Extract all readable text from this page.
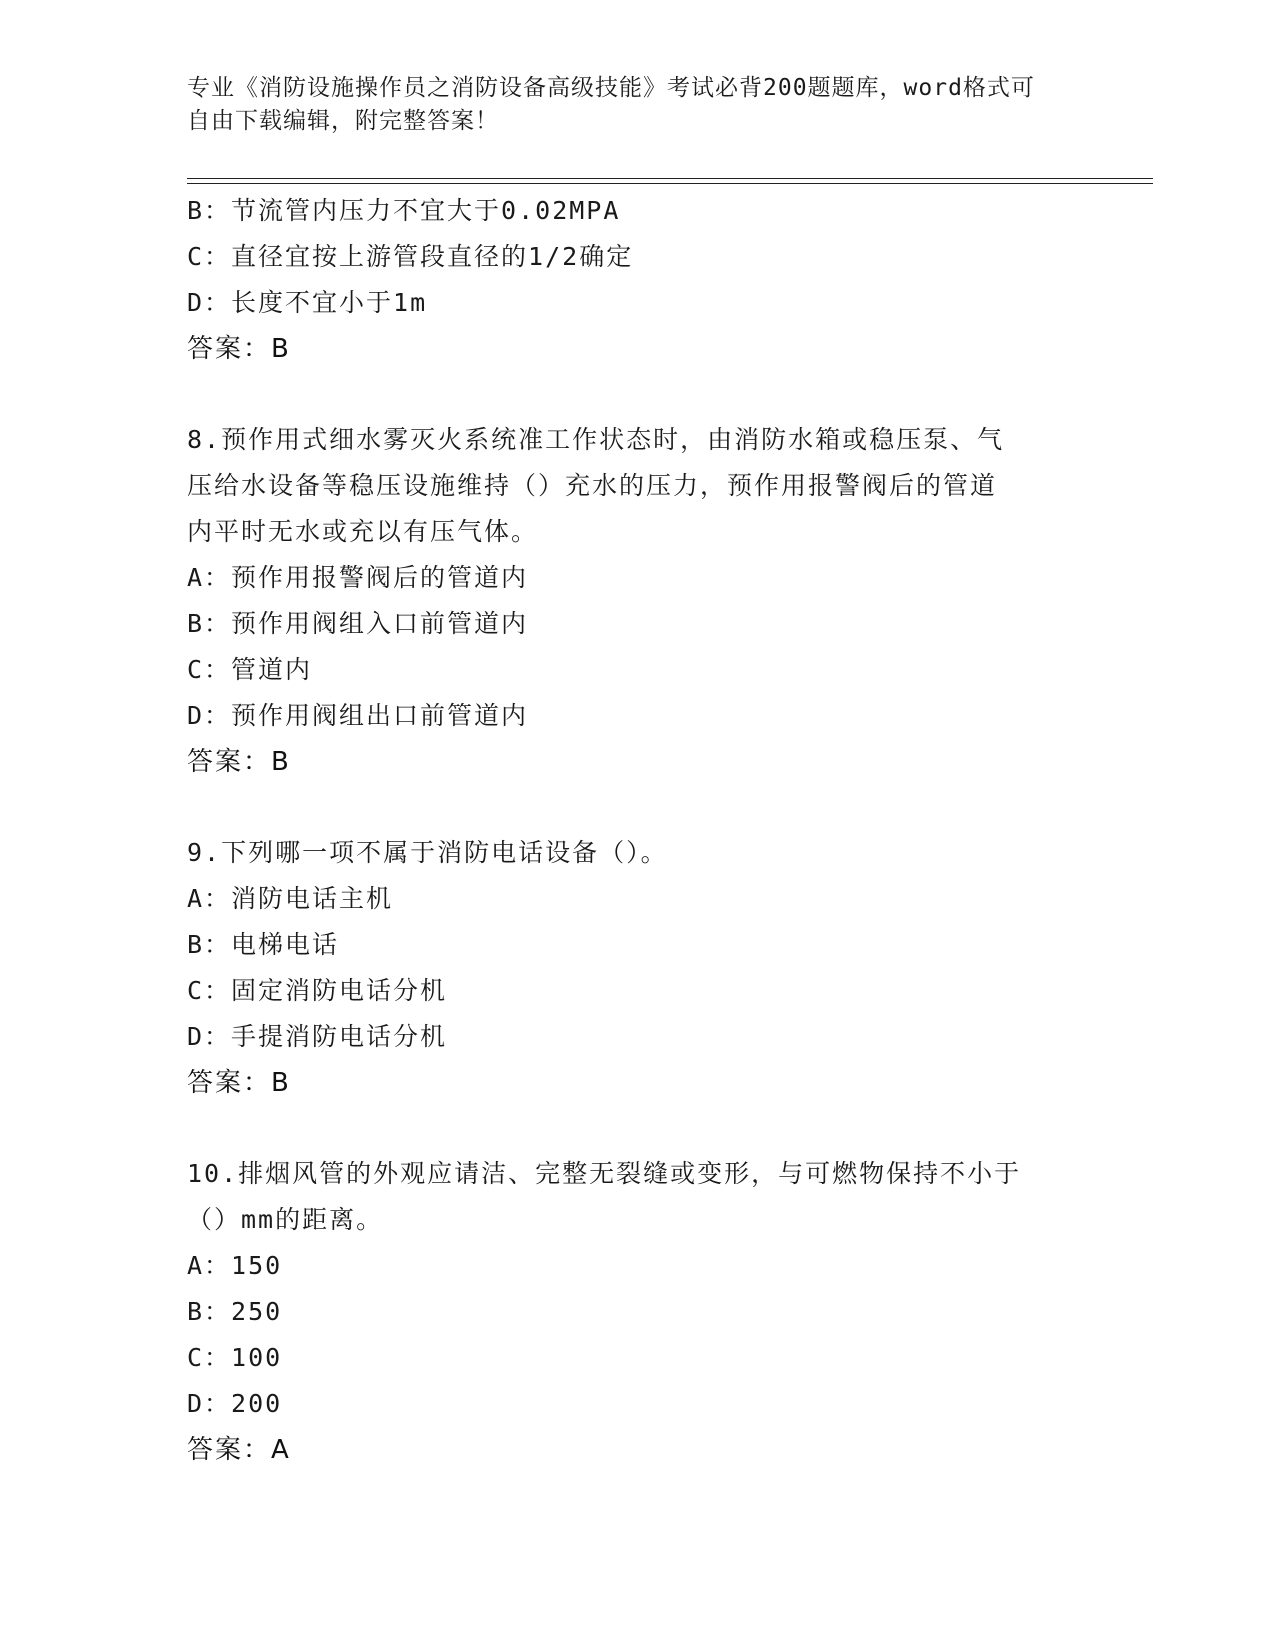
专业《消防设施操作员之消防设备高级技能》考试必背200题题库，word格式可
自由下载编辑，附完整答案！
B：节流管内压力不宜大于0.02MPA
C：直径宜按上游管段直径的1/2确定
D：长度不宜小于1m
答案：B
8.预作用式细水雾灭火系统准工作状态时，由消防水箱或稳压泵、气
压给水设备等稳压设施维持（）充水的压力，预作用报警阀后的管道
内平时无水或充以有压气体。
A：预作用报警阀后的管道内
B：预作用阀组入口前管道内
C：管道内
D：预作用阀组出口前管道内
答案：B
9.下列哪一项不属于消防电话设备（）。
A：消防电话主机
B：电梯电话
C：固定消防电话分机
D：手提消防电话分机
答案：B
10.排烟风管的外观应请洁、完整无裂缝或变形，与可燃物保持不小于
（）mm的距离。
A：150
B：250
C：100
D：200
答案：A
